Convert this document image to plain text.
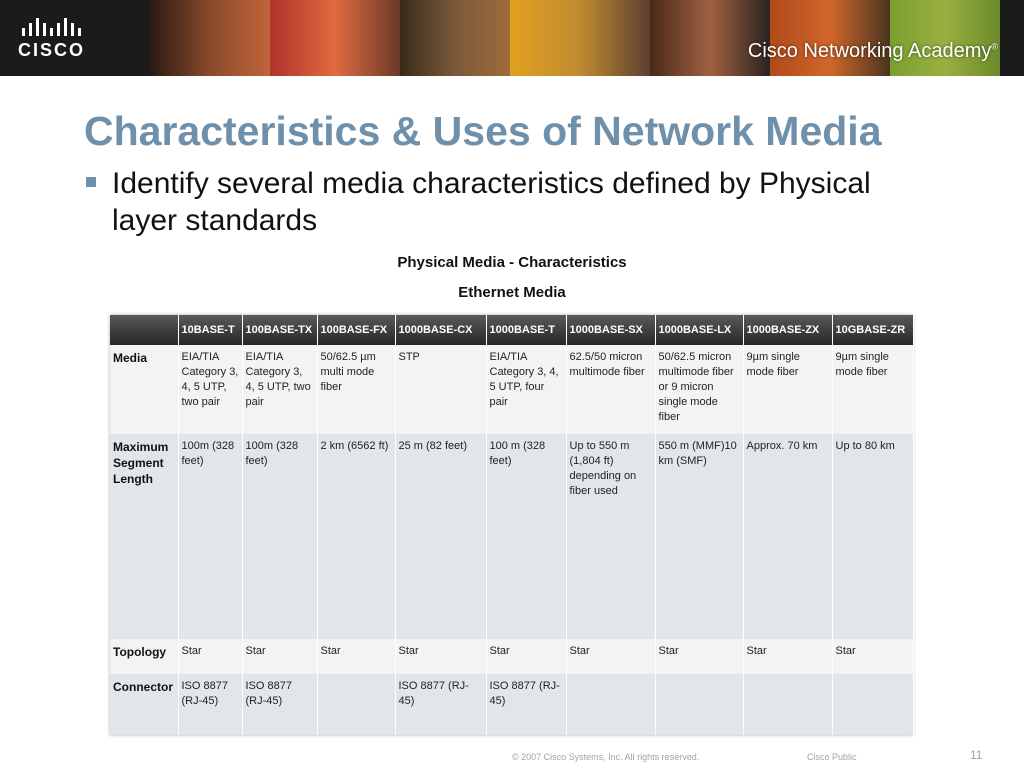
CISCO	Cisco Networking Academy®
Characteristics & Uses of Network Media
Identify several media characteristics defined by Physical layer standards
Physical Media - Characteristics
Ethernet Media
	10BASE-T	100BASE-TX	100BASE-FX	1000BASE-CX	1000BASE-T	1000BASE-SX	1000BASE-LX	1000BASE-ZX	10GBASE-ZR
Media	EIA/TIA Category 3, 4, 5 UTP, two pair	EIA/TIA Category 3, 4, 5 UTP, two pair	50/62.5 µm multi mode fiber	STP	EIA/TIA Category 3, 4, 5 UTP, four pair	62.5/50 micron multimode fiber	50/62.5 micron multimode fiber or 9 micron single mode fiber	9µm single mode fiber	9µm single mode fiber
Maximum Segment Length	100m (328 feet)	100m (328 feet)	2 km (6562 ft)	25 m (82 feet)	100 m (328 feet)	Up to 550 m (1,804 ft) depending on fiber used	550 m (MMF)10 km (SMF)	Approx. 70 km	Up to 80 km
Topology	Star	Star	Star	Star	Star	Star	Star	Star	Star
Connector	ISO 8877 (RJ-45)	ISO 8877 (RJ-45)		ISO 8877 (RJ-45)	ISO 8877 (RJ-45)				
© 2007 Cisco Systems, Inc. All rights reserved.	Cisco Public	11
